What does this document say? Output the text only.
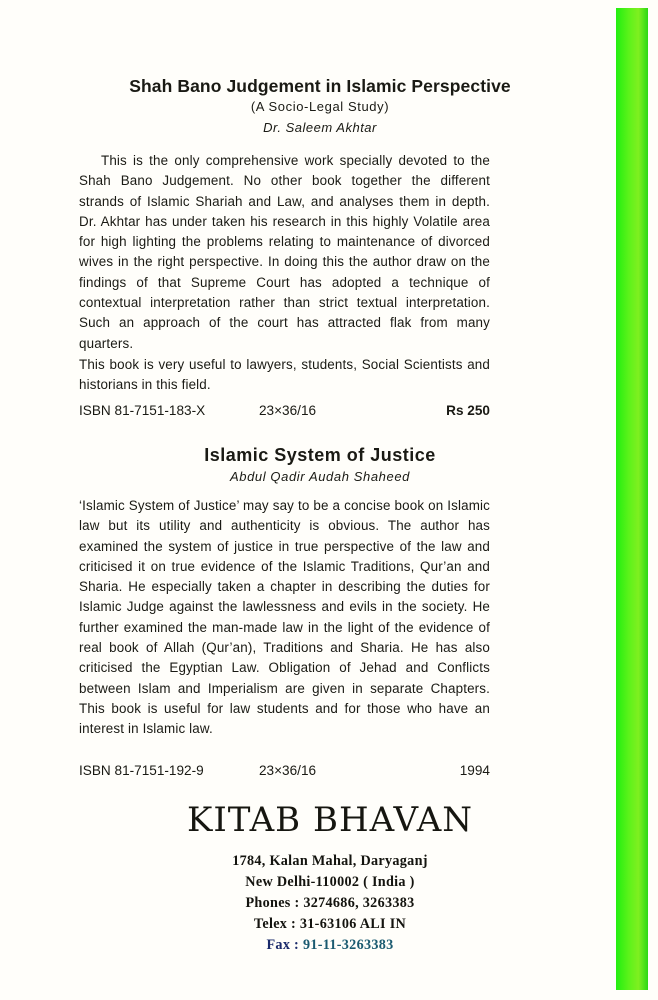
Shah Bano Judgement in Islamic Perspective
(A Socio-Legal Study)
Dr. Saleem Akhtar

This is the only comprehensive work specially devoted to the Shah Bano Judgement. No other book together the different strands of Islamic Shariah and Law, and analyses them in depth. Dr. Akhtar has under taken his research in this highly Volatile area for high lighting the problems relating to maintenance of divorced wives in the right perspective. In doing this the author draw on the findings of that Supreme Court has adopted a technique of contextual interpretation rather than strict textual interpretation. Such an approach of the court has attracted flak from many quarters.

This book is very useful to lawyers, students, Social Scientists and historians in this field.

ISBN 81-7151-183-X	23×36/16	Rs 250
Islamic System of Justice
Abdul Qadir Audah Shaheed

‘Islamic System of Justice’ may say to be a concise book on Islamic law but its utility and authenticity is obvious. The author has examined the system of justice in true perspective of the law and criticised it on true evidence of the Islamic Traditions, Qur’an and Sharia. He especially taken a chapter in describing the duties for Islamic Judge against the lawlessness and evils in the society. He further examined the man-made law in the light of the evidence of real book of Allah (Qur’an), Traditions and Sharia. He has also criticised the Egyptian Law. Obligation of Jehad and Conflicts between Islam and Imperialism are given in separate Chapters. This book is useful for law students and for those who have an interest in Islamic law.

ISBN 81-7151-192-9	23×36/16	1994
KITAB BHAVAN
1784, Kalan Mahal, Daryaganj
New Delhi-110002 ( India )
Phones : 3274686, 3263383
Telex : 31-63106 ALI IN
Fax : 91-11-3263383
